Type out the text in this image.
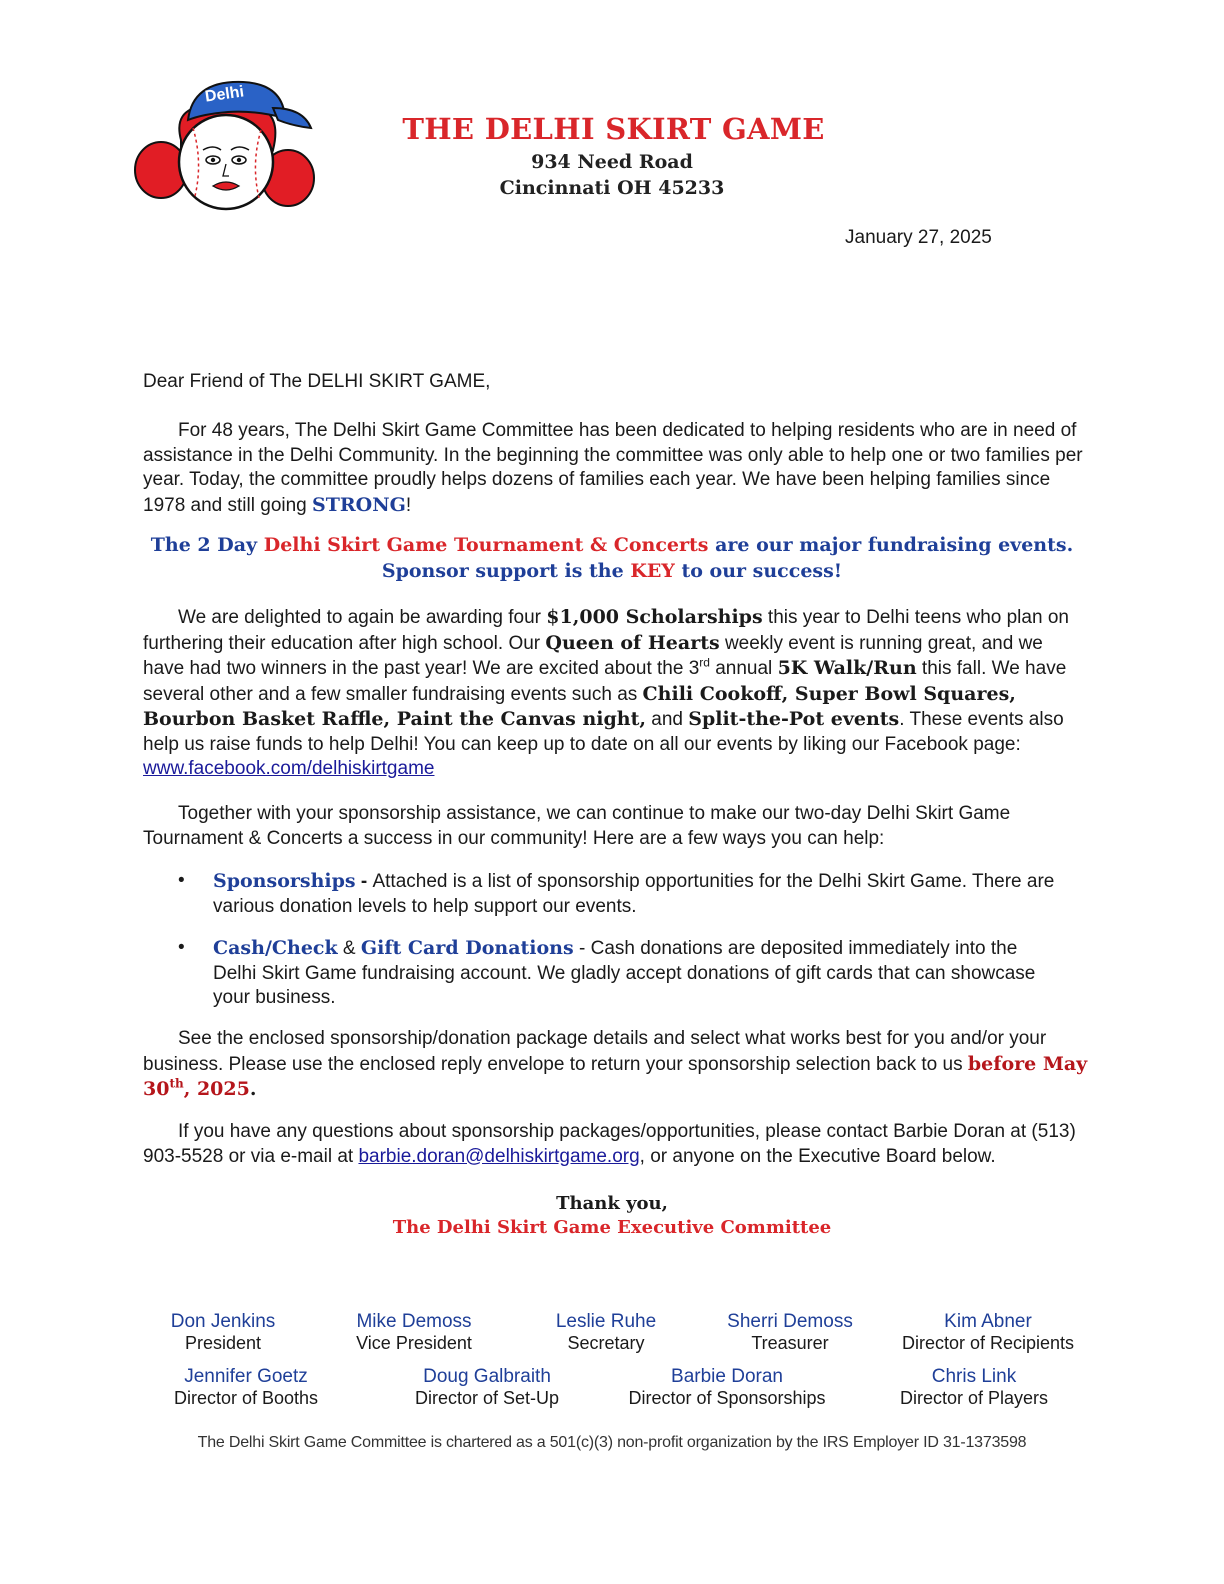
Delhi
THE DELHI SKIRT GAME
934 Need Road
Cincinnati OH 45233
January 27, 2025
Dear Friend of The DELHI SKIRT GAME,
For 48 years, The Delhi Skirt Game Committee has been dedicated to helping residents who are in need of assistance in the Delhi Community. In the beginning the committee was only able to help one or two families per year. Today, the committee proudly helps dozens of families each year. We have been helping families since 1978 and still going STRONG!
The 2 Day Delhi Skirt Game Tournament & Concerts are our major fundraising events.
Sponsor support is the KEY to our success!
We are delighted to again be awarding four $1,000 Scholarships this year to Delhi teens who plan on furthering their education after high school. Our Queen of Hearts weekly event is running great, and we have had two winners in the past year! We are excited about the 3rd annual 5K Walk/Run this fall. We have several other and a few smaller fundraising events such as Chili Cookoff, Super Bowl Squares, Bourbon Basket Raffle, Paint the Canvas night, and Split-the-Pot events. These events also help us raise funds to help Delhi! You can keep up to date on all our events by liking our Facebook page: www.facebook.com/delhiskirtgame
Together with your sponsorship assistance, we can continue to make our two-day Delhi Skirt Game Tournament & Concerts a success in our community! Here are a few ways you can help:
• Sponsorships - Attached is a list of sponsorship opportunities for the Delhi Skirt Game. There are various donation levels to help support our events.
• Cash/Check & Gift Card Donations - Cash donations are deposited immediately into the Delhi Skirt Game fundraising account. We gladly accept donations of gift cards that can showcase your business.
See the enclosed sponsorship/donation package details and select what works best for you and/or your business. Please use the enclosed reply envelope to return your sponsorship selection back to us before May 30th, 2025.
If you have any questions about sponsorship packages/opportunities, please contact Barbie Doran at (513) 903-5528 or via e-mail at barbie.doran@delhiskirtgame.org, or anyone on the Executive Board below.
Thank you,
The Delhi Skirt Game Executive Committee
Don Jenkins
President
Mike Demoss
Vice President
Leslie Ruhe
Secretary
Sherri Demoss
Treasurer
Kim Abner
Director of Recipients
Jennifer Goetz
Director of Booths
Doug Galbraith
Director of Set-Up
Barbie Doran
Director of Sponsorships
Chris Link
Director of Players
The Delhi Skirt Game Committee is chartered as a 501(c)(3) non-profit organization by the IRS Employer ID 31-1373598
